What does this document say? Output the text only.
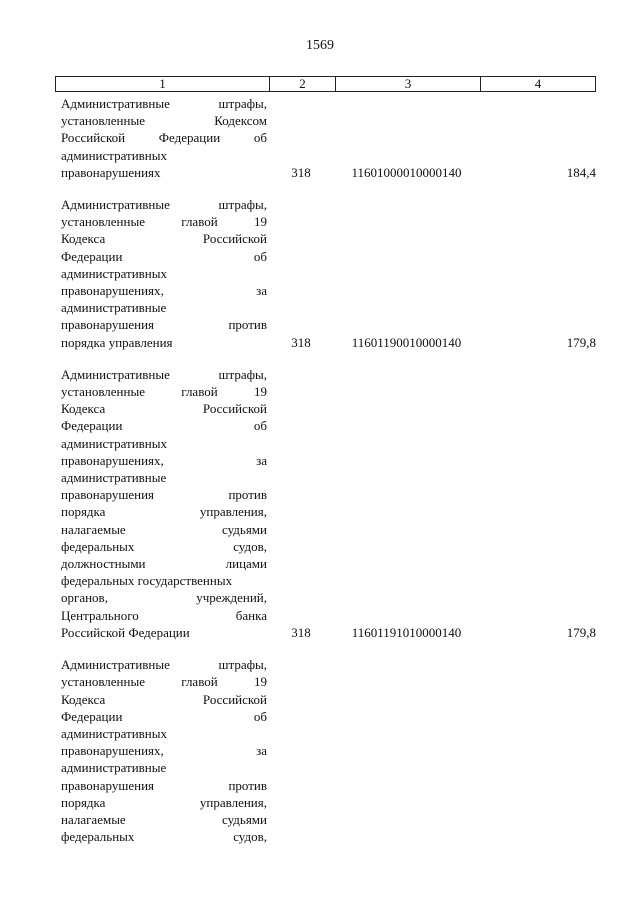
1569
1	2	3	4
Административные	штрафы,
установленные	Кодексом
Российской	Федерации	об
административных
правонарушениях	318	11601000010000140	184,4
Административные	штрафы,
установленные	главой	19
Кодекса	Российской
Федерации	об
административных
правонарушениях,	за
административные
правонарушения	против
порядка управления	318	11601190010000140	179,8
Административные	штрафы,
установленные	главой	19
Кодекса	Российской
Федерации	об
административных
правонарушениях,	за
административные
правонарушения	против
порядка	управления,
налагаемые	судьями
федеральных	судов,
должностными	лицами
федеральных государственных
органов,	учреждений,
Центрального	банка
Российской Федерации	318	11601191010000140	179,8
Административные	штрафы,
установленные	главой	19
Кодекса	Российской
Федерации	об
административных
правонарушениях,	за
административные
правонарушения	против
порядка	управления,
налагаемые	судьями
федеральных	судов,
